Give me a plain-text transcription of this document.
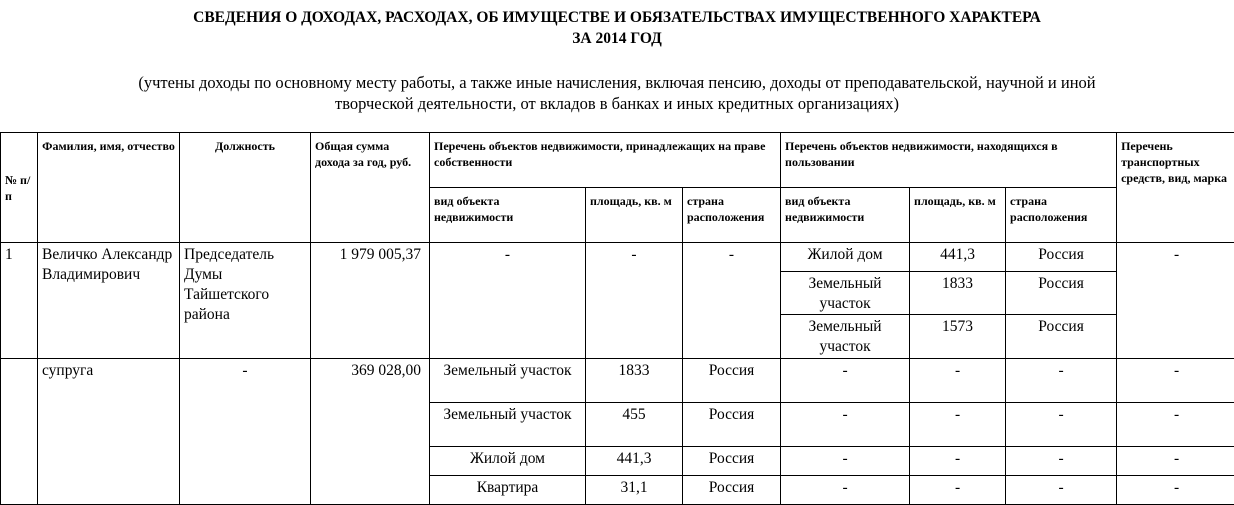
СВЕДЕНИЯ О ДОХОДАХ, РАСХОДАХ, ОБ ИМУЩЕСТВЕ И ОБЯЗАТЕЛЬСТВАХ ИМУЩЕСТВЕННОГО ХАРАКТЕРА
ЗА 2014 ГОД
(учтены доходы по основному месту работы, а также иные начисления, включая пенсию, доходы от преподавательской, научной и иной
творческой деятельности, от вкладов в банках и иных кредитных организациях)
№ п/п	Фамилия, имя, отчество	Должность	Общая сумма дохода за год, руб.	Перечень объектов недвижимости, принадлежащих на праве собственности			Перечень объектов недвижимости, находящихся в пользовании			Перечень транспортных средств, вид, марка
				вид объекта недвижимости	площадь, кв. м	страна расположения	вид объекта недвижимости	площадь, кв. м	страна расположения	
1	Величко Александр Владимирович	Председатель Думы Тайшетского района	1 979 005,37	-	-	-	Жилой дом	441,3	Россия	-
							Земельный участок	1833	Россия	
							Земельный участок	1573	Россия	
	супруга	-	369 028,00	Земельный участок	1833	Россия	-	-	-	-
				Земельный участок	455	Россия	-	-	-	-
				Жилой дом	441,3	Россия	-	-	-	-
				Квартира	31,1	Россия	-	-	-	-
